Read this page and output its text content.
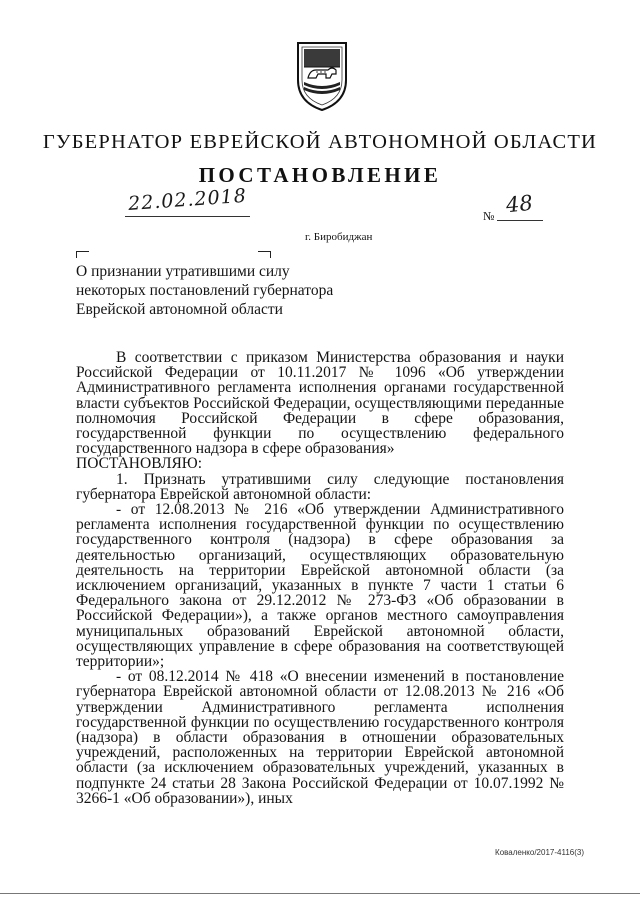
ГУБЕРНАТОР ЕВРЕЙСКОЙ АВТОНОМНОЙ ОБЛАСТИ
ПОСТАНОВЛЕНИЕ
22.02.2018
№ 48
г. Биробиджан
О признании утратившими силу
некоторых постановлений губернатора
Еврейской автономной области

В соответствии с приказом Министерства образования и науки Российской Федерации от 10.11.2017 № 1096 «Об утверждении Административного регламента исполнения органами государственной власти субъектов Российской Федерации, осуществляющими переданные полномочия Российской Федерации в сфере образования, государственной функции по осуществлению федерального государственного надзора в сфере образования»

ПОСТАНОВЛЯЮ:

1. Признать утратившими силу следующие постановления губернатора Еврейской автономной области:

- от 12.08.2013 № 216 «Об утверждении Административного регламента исполнения государственной функции по осуществлению государственного контроля (надзора) в сфере образования за деятельностью организаций, осуществляющих образовательную деятельность на территории Еврейской автономной области (за исключением организаций, указанных в пункте 7 части 1 статьи 6 Федерального закона от 29.12.2012 № 273-ФЗ «Об образовании в Российской Федерации»), а также органов местного самоуправления муниципальных образований Еврейской автономной области, осуществляющих управление в сфере образования на соответствующей территории»;

- от 08.12.2014 № 418 «О внесении изменений в постановление губернатора Еврейской автономной области от 12.08.2013 № 216 «Об утверждении Административного регламента исполнения государственной функции по осуществлению государственного контроля (надзора) в области образования в отношении образовательных учреждений, расположенных на территории Еврейской автономной области (за исключением образовательных учреждений, указанных в подпункте 24 статьи 28 Закона Российской Федерации от 10.07.1992 № 3266-1 «Об образовании»), иных

Коваленко/2017-4116(3)
